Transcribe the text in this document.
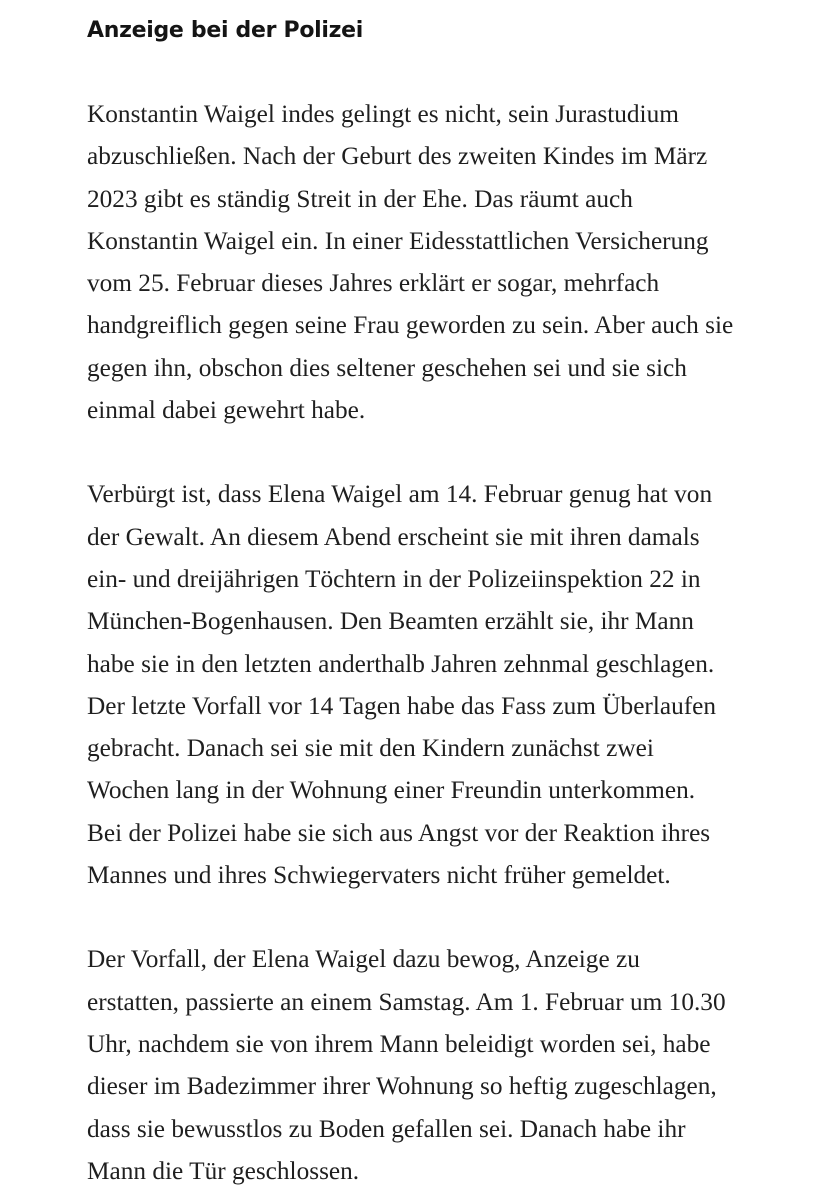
Anzeige bei der Polizei

Konstantin Waigel indes gelingt es nicht, sein Jurastudium
abzuschließen. Nach der Geburt des zweiten Kindes im März
2023 gibt es ständig Streit in der Ehe. Das räumt auch
Konstantin Waigel ein. In einer Eidesstattlichen Versicherung
vom 25. Februar dieses Jahres erklärt er sogar, mehrfach
handgreiflich gegen seine Frau geworden zu sein. Aber auch sie
gegen ihn, obschon dies seltener geschehen sei und sie sich
einmal dabei gewehrt habe.

Verbürgt ist, dass Elena Waigel am 14. Februar genug hat von
der Gewalt. An diesem Abend erscheint sie mit ihren damals
ein- und dreijährigen Töchtern in der Polizeiinspektion 22 in
München-Bogenhausen. Den Beamten erzählt sie, ihr Mann
habe sie in den letzten anderthalb Jahren zehnmal geschlagen.
Der letzte Vorfall vor 14 Tagen habe das Fass zum Überlaufen
gebracht. Danach sei sie mit den Kindern zunächst zwei
Wochen lang in der Wohnung einer Freundin unterkommen.
Bei der Polizei habe sie sich aus Angst vor der Reaktion ihres
Mannes und ihres Schwiegervaters nicht früher gemeldet.

Der Vorfall, der Elena Waigel dazu bewog, Anzeige zu
erstatten, passierte an einem Samstag. Am 1. Februar um 10.30
Uhr, nachdem sie von ihrem Mann beleidigt worden sei, habe
dieser im Badezimmer ihrer Wohnung so heftig zugeschlagen,
dass sie bewusstlos zu Boden gefallen sei. Danach habe ihr
Mann die Tür geschlossen.
